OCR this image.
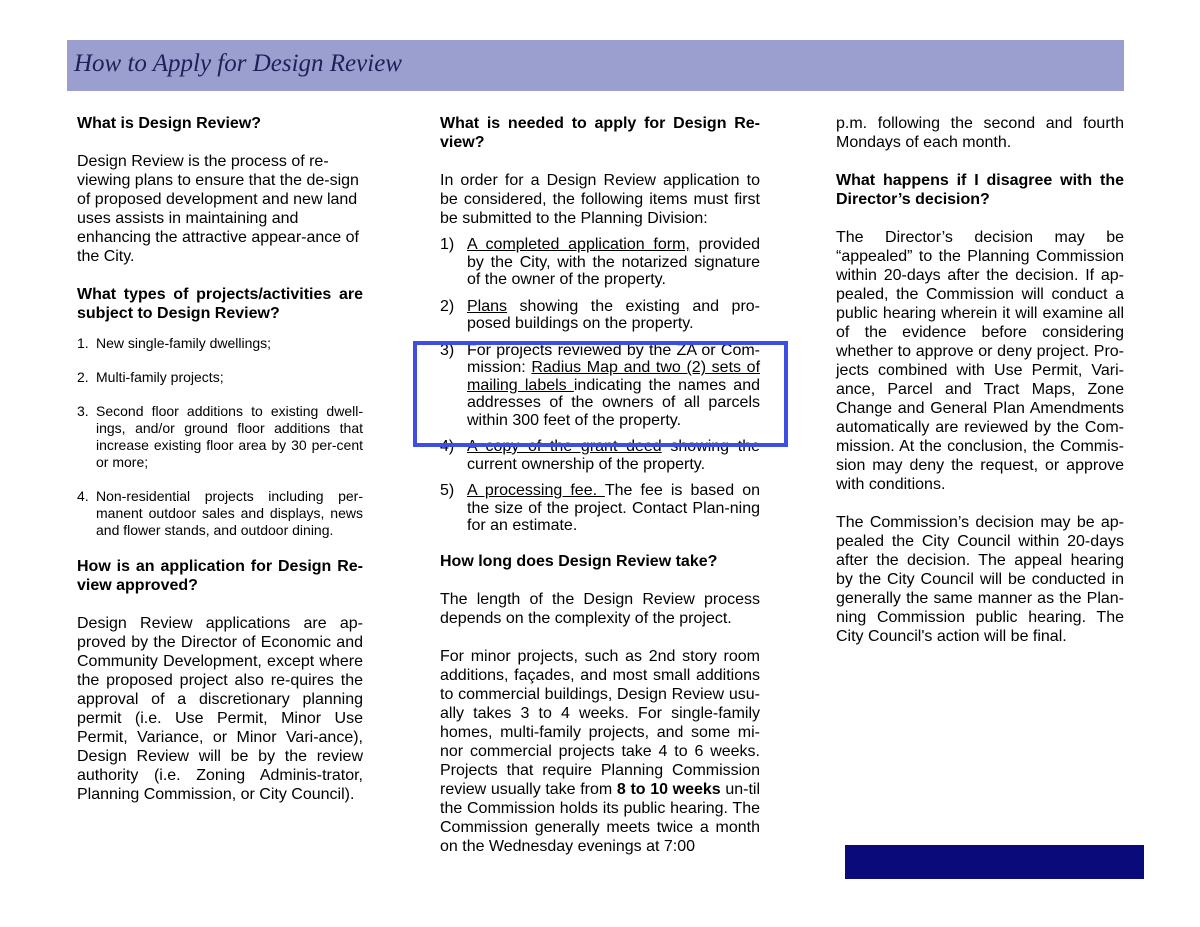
How to Apply for Design Review

What is Design Review?

Design Review is the process of re-viewing plans to ensure that the de-sign of proposed development and new land uses assists in maintaining and enhancing the attractive appear-ance of the City.

What types of projects/activities are subject to Design Review?

1. New single-family dwellings;
2. Multi-family projects;
3. Second floor additions to existing dwell-ings, and/or ground floor additions that increase existing floor area by 30 per-cent or more;
4. Non-residential projects including per-manent outdoor sales and displays, news and flower stands, and outdoor dining.

How is an application for Design Re-view approved?

Design Review applications are ap-proved by the Director of Economic and Community Development, except where the proposed project also re-quires the approval of a discretionary planning permit (i.e. Use Permit, Minor Use Permit, Variance, or Minor Vari-ance), Design Review will be by the review authority (i.e. Zoning Adminis-trator, Planning Commission, or City Council).

What is needed to apply for Design Re-view?

In order for a Design Review application to be considered, the following items must first be submitted to the Planning Division:

1) A completed application form, provided by the City, with the notarized signature of the owner of the property.
2) Plans showing the existing and pro-posed buildings on the property.
3) For projects reviewed by the ZA or Com-mission: Radius Map and two (2) sets of mailing labels indicating the names and addresses of the owners of all parcels within 300 feet of the property.
4) A copy of the grant deed showing the current ownership of the property.
5) A processing fee. The fee is based on the size of the project. Contact Plan-ning for an estimate.

How long does Design Review take?

The length of the Design Review process depends on the complexity of the project.

For minor projects, such as 2nd story room additions, façades, and most small additions to commercial buildings, Design Review usu-ally takes 3 to 4 weeks. For single-family homes, multi-family projects, and some mi-nor commercial projects take 4 to 6 weeks. Projects that require Planning Commission review usually take from 8 to 10 weeks un-til the Commission holds its public hearing. The Commission generally meets twice a month on the Wednesday evenings at 7:00

p.m. following the second and fourth Mondays of each month.

What happens if I disagree with the Director’s decision?

The Director’s decision may be “appealed” to the Planning Commission within 20-days after the decision. If ap-pealed, the Commission will conduct a public hearing wherein it will examine all of the evidence before considering whether to approve or deny project. Pro-jects combined with Use Permit, Vari-ance, Parcel and Tract Maps, Zone Change and General Plan Amendments automatically are reviewed by the Com-mission. At the conclusion, the Commis-sion may deny the request, or approve with conditions.

The Commission’s decision may be ap-pealed the City Council within 20-days after the decision. The appeal hearing by the City Council will be conducted in generally the same manner as the Plan-ning Commission public hearing. The City Council's action will be final.
